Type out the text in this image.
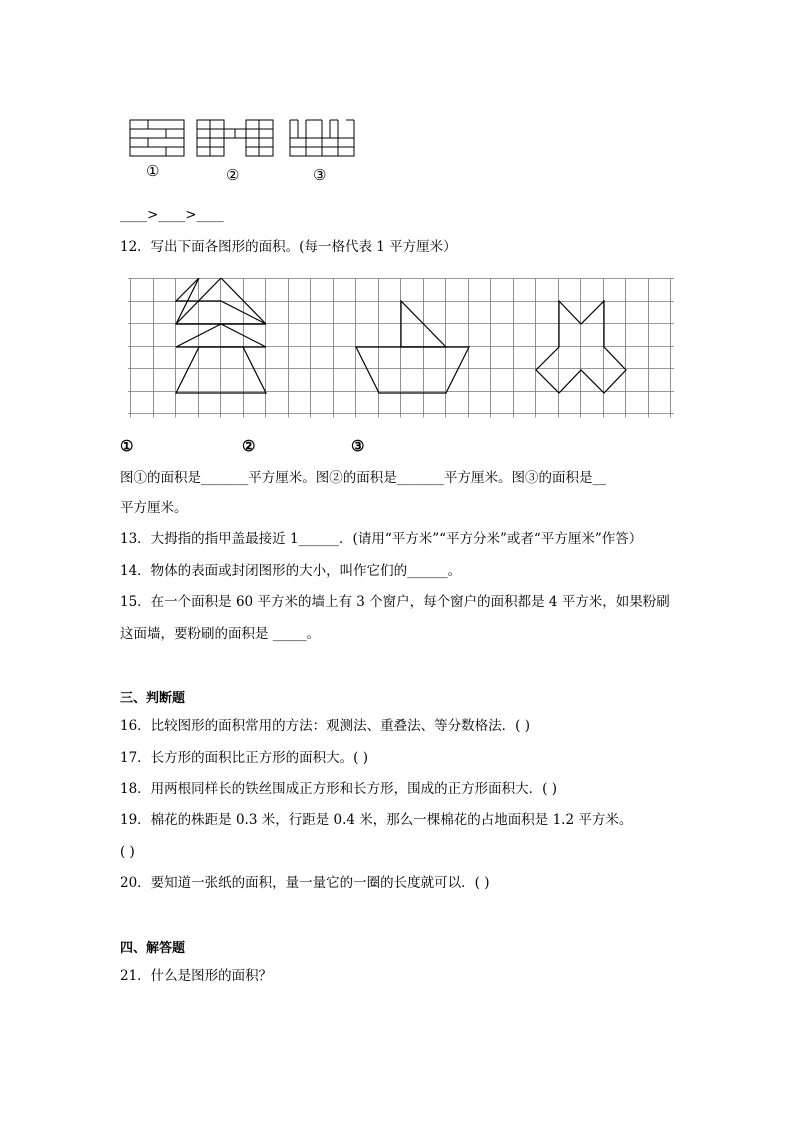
①	②	③
____>____>____
12．写出下面各图形的面积。(每一格代表 1 平方厘米）
①	②	③
图①的面积是_______平方厘米。图②的面积是_______平方厘米。图③的面积是__
平方厘米。
13．大拇指的指甲盖最接近 1______．(请用“平方米”“平方分米”或者“平方厘米”作答）
14．物体的表面或封闭图形的大小，叫作它们的______。
15．在一个面积是 60 平方米的墙上有 3 个窗户，每个窗户的面积都是 4 平方米，如果粉刷
这面墙，要粉刷的面积是 _____。
三、判断题
16．比较图形的面积常用的方法：观测法、重叠法、等分数格法．( )
17．长方形的面积比正方形的面积大。( )
18．用两根同样长的铁丝围成正方形和长方形，围成的正方形面积大．( )
19．棉花的株距是 0.3 米，行距是 0.4 米，那么一棵棉花的占地面积是 1.2 平方米。
( )
20．要知道一张纸的面积，量一量它的一圈的长度就可以．( )
四、解答题
21．什么是图形的面积？
